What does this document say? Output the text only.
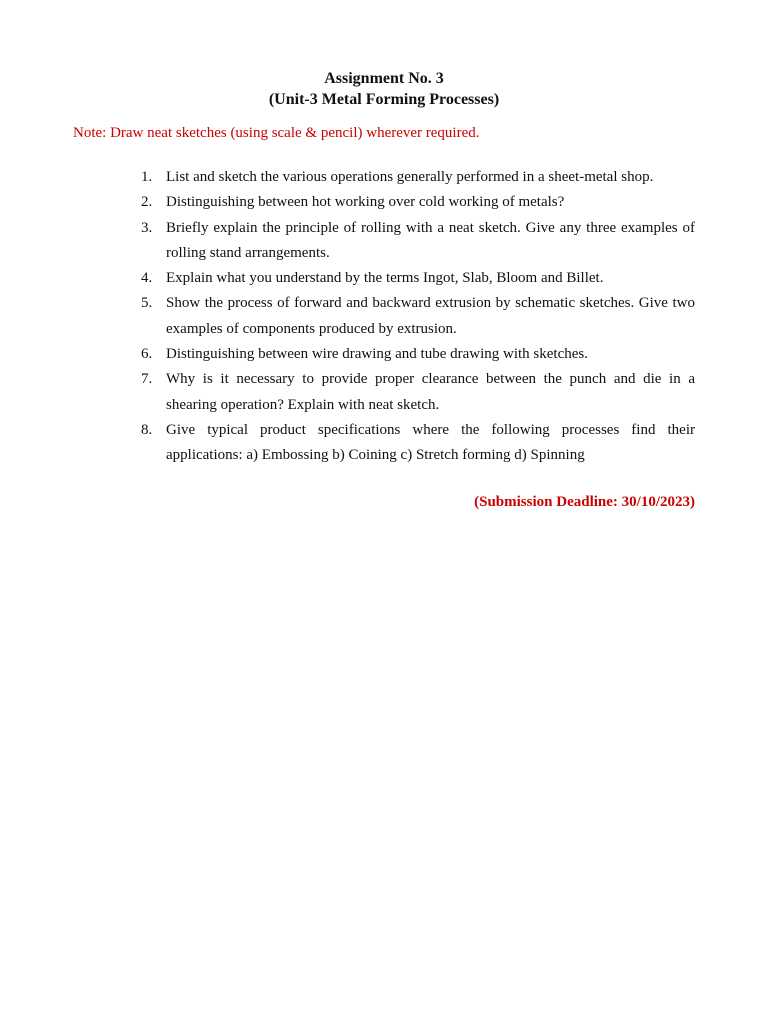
Assignment No. 3
(Unit-3 Metal Forming Processes)
Note: Draw neat sketches (using scale & pencil) wherever required.
1. List and sketch the various operations generally performed in a sheet-metal shop.
2. Distinguishing between hot working over cold working of metals?
3. Briefly explain the principle of rolling with a neat sketch. Give any three examples of rolling stand arrangements.
4. Explain what you understand by the terms Ingot, Slab, Bloom and Billet.
5. Show the process of forward and backward extrusion by schematic sketches. Give two examples of components produced by extrusion.
6. Distinguishing between wire drawing and tube drawing with sketches.
7. Why is it necessary to provide proper clearance between the punch and die in a shearing operation? Explain with neat sketch.
8. Give typical product specifications where the following processes find their applications: a) Embossing b) Coining c) Stretch forming d) Spinning
(Submission Deadline: 30/10/2023)
